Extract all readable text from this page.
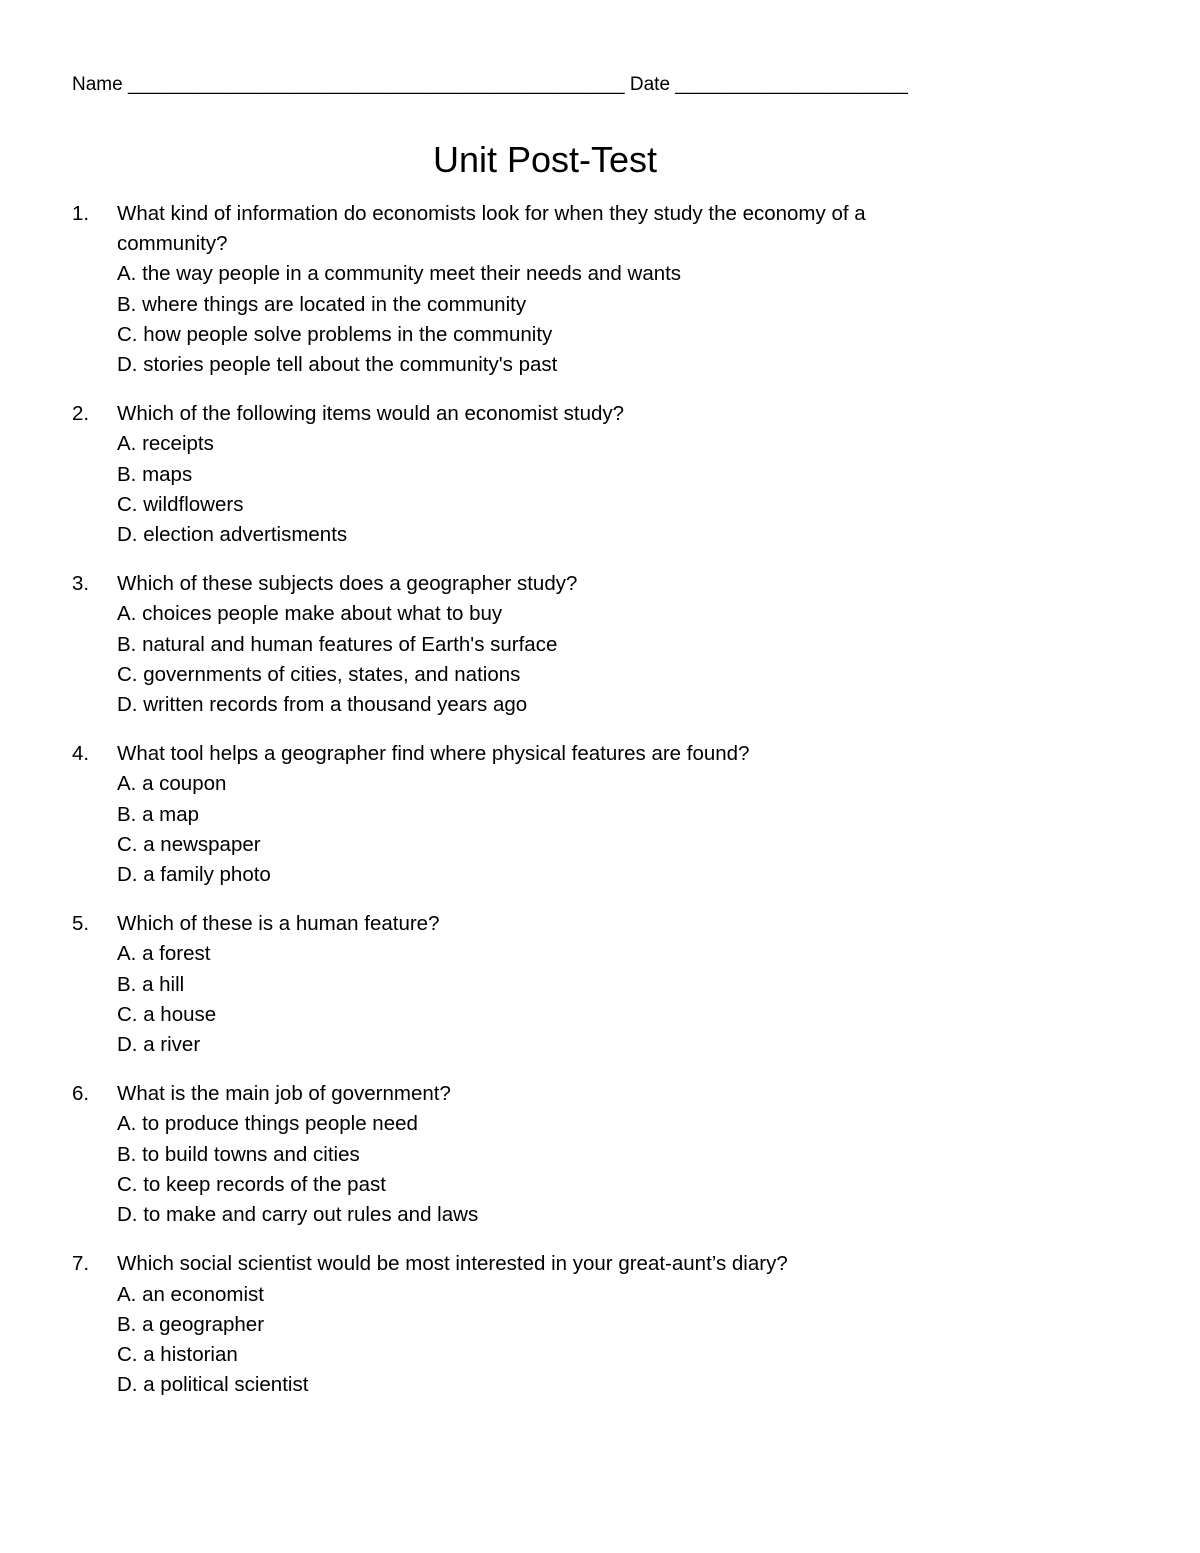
Name _______________________________________________ Date ______________________
Unit Post-Test
1. What kind of information do economists look for when they study the economy of a community?
A. the way people in a community meet their needs and wants
B. where things are located in the community
C. how people solve problems in the community
D. stories people tell about the community's past
2. Which of the following items would an economist study?
A. receipts
B. maps
C. wildflowers
D. election advertisments
3. Which of these subjects does a geographer study?
A. choices people make about what to buy
B. natural and human features of Earth's surface
C. governments of cities, states, and nations
D. written records from a thousand years ago
4. What tool helps a geographer find where physical features are found?
A. a coupon
B. a map
C. a newspaper
D. a family photo
5. Which of these is a human feature?
A. a forest
B. a hill
C. a house
D. a river
6. What is the main job of government?
A. to produce things people need
B. to build towns and cities
C. to keep records of the past
D. to make and carry out rules and laws
7. Which social scientist would be most interested in your great-aunt’s diary?
A. an economist
B. a geographer
C. a historian
D. a political scientist
